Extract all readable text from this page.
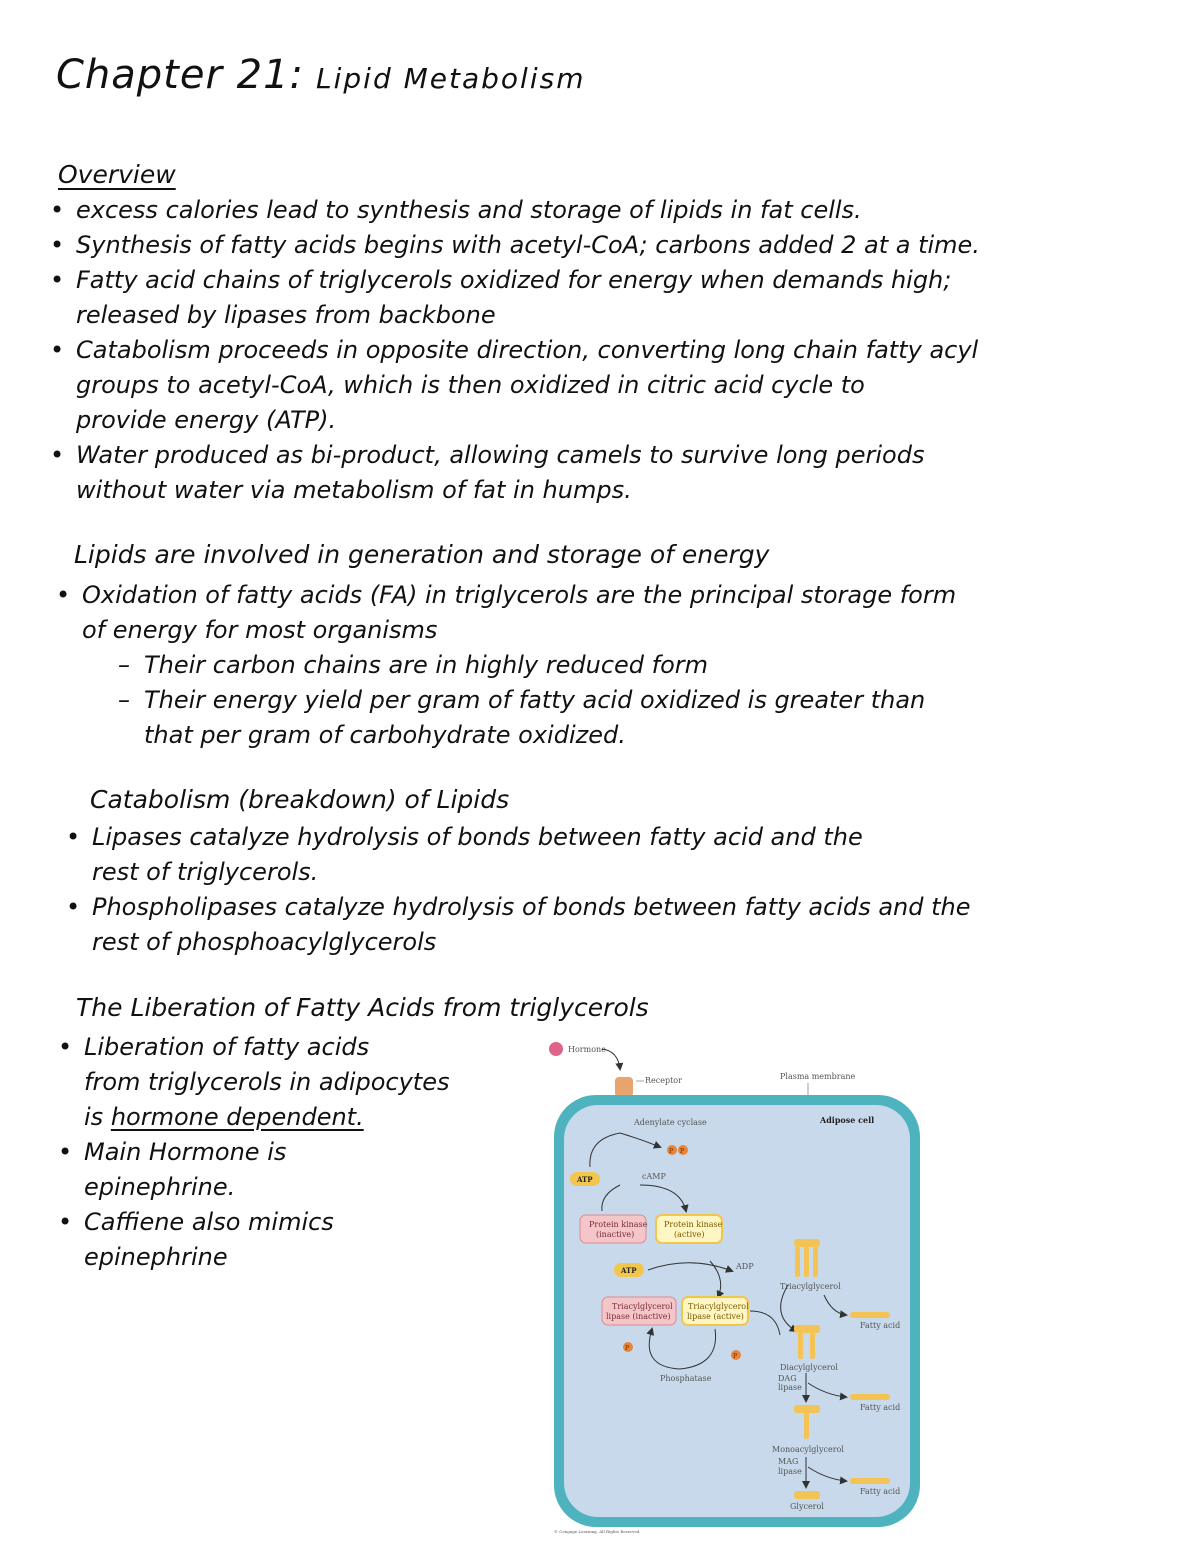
Chapter 21: Lipid Metabolism
Overview
• excess calories lead to synthesis and storage of lipids in fat cells.
• Synthesis of fatty acids begins with acetyl-CoA; carbons added 2 at a time.
• Fatty acid chains of triglycerols oxidized for energy when demands high;
released by lipases from backbone
• Catabolism proceeds in opposite direction, converting long chain fatty acyl
groups to acetyl-CoA, which is then oxidized in citric acid cycle to
provide energy (ATP).
• Water produced as bi-product, allowing camels to survive long periods
without water via metabolism of fat in humps.
Lipids are involved in generation and storage of energy
• Oxidation of fatty acids (FA) in triglycerols are the principal storage form
of energy for most organisms
– Their carbon chains are in highly reduced form
– Their energy yield per gram of fatty acid oxidized is greater than
that per gram of carbohydrate oxidized.
Catabolism (breakdown) of Lipids
• Lipases catalyze hydrolysis of bonds between fatty acid and the
rest of triglycerols.
• Phospholipases catalyze hydrolysis of bonds between fatty acids and the
rest of phosphoacylglycerols
The Liberation of Fatty Acids from triglycerols
• Liberation of fatty acids
from triglycerols in adipocytes
is hormone dependent.
• Main Hormone is
epinephrine.
• Caffiene also mimics
epinephrine
Hormone
Receptor	Plasma membrane
Adipose cell
Adenylate cyclase
P P
ATP	cAMP
Protein kinase
(inactive)
Protein kinase
(active)
ATP	ADP
Triacylglycerol
lipase (inactive)
Triacylglycerol
lipase (active)
P
P
Phosphatase
Triacylglycerol
Fatty acid
Diacylglycerol
DAG
lipase
Fatty acid
Monoacylglycerol
MAG
lipase
Fatty acid
Glycerol
© Cengage Learning. All Rights Reserved.
